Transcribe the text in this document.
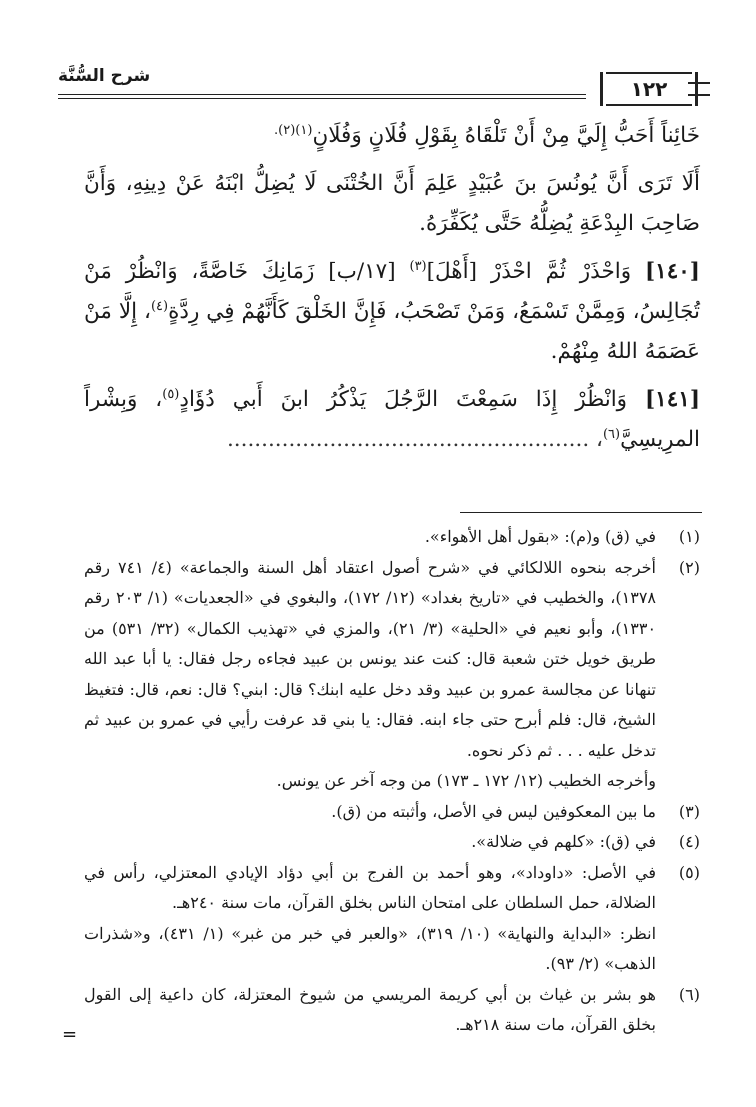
شرح السُّنَّة
١٢٢

خَائِناً أَحَبُّ إِلَيَّ مِنْ أَنْ تَلْقَاهُ بِقَوْلِ فُلَانٍ وَفُلَانٍ$^{(١)(٢).}$

أَلَا تَرَى أَنَّ يُونُسَ بنَ عُبَيْدٍ عَلِمَ أَنَّ الخُتْنَى لَا يُضِلُّ ابْنَهُ عَنْ دِينِهِ، وَأَنَّ صَاحِبَ البِدْعَةِ يُضِلُّهُ حَتَّى يُكَفِّرَهُ.

[١٤٠] وَاحْذَرْ ثُمَّ احْذَرْ [أَهْلَ]$^{(٣)}$ [١٧/ب] زَمَانِكَ خَاصَّةً، وَانْظُرْ مَنْ تُجَالِسُ، وَمِمَّنْ تَسْمَعُ، وَمَنْ تَصْحَبُ، فَإِنَّ الخَلْقَ كَأَنَّهُمْ فِي رِدَّةٍ$^{(٤)}$، إِلَّا مَنْ عَصَمَهُ اللهُ مِنْهُمْ.

[١٤١] وَانْظُرْ إِذَا سَمِعْتَ الرَّجُلَ يَذْكُرُ ابنَ أَبي دُؤَادٍ$^{(٥)}$، وَبِشْراً المرِيسِيَّ$^{(٦)}$، .....................................................

(١)
في (ق) و(م): «بقول أهل الأهواء».
(٢)
أخرجه بنحوه اللالكائي في «شرح أصول اعتقاد أهل السنة والجماعة» (٤/ ٧٤١ رقم ١٣٧٨)، والخطيب في «تاريخ بغداد» (١٢/ ١٧٢)، والبغوي في «الجعديات» (١/ ٢٠٣ رقم ١٣٣٠)، وأبو نعيم في «الحلية» (٣/ ٢١)، والمزي في «تهذيب الكمال» (٣٢/ ٥٣١) من طريق خويل ختن شعبة قال: كنت عند يونس بن عبيد فجاءه رجل فقال: يا أبا عبد الله تنهانا عن مجالسة عمرو بن عبيد وقد دخل عليه ابنك؟ قال: ابني؟ قال: نعم، قال: فتغيظ الشيخ، قال: فلم أبرح حتى جاء ابنه. فقال: يا بني قد عرفت رأيي في عمرو بن عبيد ثم تدخل عليه . . . ثم ذكر نحوه.
وأخرجه الخطيب (١٢/ ١٧٢ ـ ١٧٣) من وجه آخر عن يونس.
(٣)
ما بين المعكوفين ليس في الأصل، وأثبته من (ق).
(٤)
في (ق): «كلهم في ضلالة».
(٥)
في الأصل: «داوداد»، وهو أحمد بن الفرج بن أبي دؤاد الإيادي المعتزلي، رأس في الضلالة، حمل السلطان على امتحان الناس بخلق القرآن، مات سنة ٢٤٠هـ.
انظر: «البداية والنهاية» (١٠/ ٣١٩)، «والعبر في خبر من غبر» (١/ ٤٣١)، و«شذرات الذهب» (٢/ ٩٣).
(٦)
هو بشر بن غياث بن أبي كريمة المريسي من شيوخ المعتزلة، كان داعية إلى القول بخلق القرآن، مات سنة ٢١٨هـ.
=
